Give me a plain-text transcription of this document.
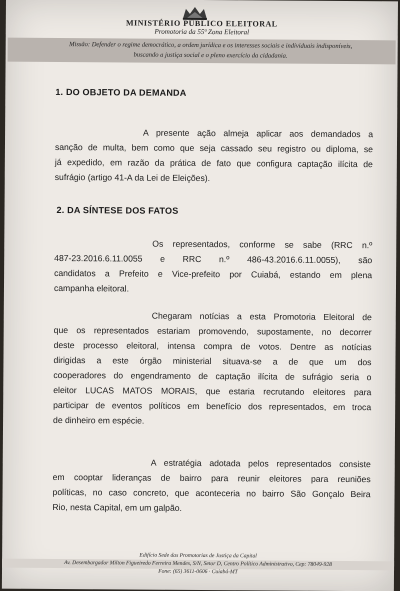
MINISTÉRIO PÚBLICO ELEITORAL
Promotoria da 55ª Zona Eleitoral
Missão: Defender o regime democrático, a ordem jurídica e os interesses sociais e individuais indisponíveis,
buscando a justiça social e o pleno exercício da cidadania.
1. DO OBJETO DA DEMANDA
A presente ação almeja aplicar aos demandados a
sanção de multa, bem como que seja cassado seu registro ou diploma, se
já expedido, em razão da prática de fato que configura captação ilícita de
sufrágio (artigo 41-A da Lei de Eleições).
2. DA SÍNTESE DOS FATOS
Os representados, conforme se sabe (RRC n.º
487-23.2016.6.11.0055 e RRC n.º 486-43.2016.6.11.0055), são
candidatos a Prefeito e Vice-prefeito por Cuiabá, estando em plena
campanha eleitoral.
Chegaram notícias a esta Promotoria Eleitoral de
que os representados estariam promovendo, supostamente, no decorrer
deste processo eleitoral, intensa compra de votos. Dentre as notícias
dirigidas a este órgão ministerial situava-se a de que um dos
cooperadores do engendramento de captação ilícita de sufrágio seria o
eleitor LUCAS MATOS MORAIS, que estaria recrutando eleitores para
participar de eventos políticos em benefício dos representados, em troca
de dinheiro em espécie.
A estratégia adotada pelos representados consiste
em cooptar lideranças de bairro para reunir eleitores para reuniões
políticas, no caso concreto, que aconteceria no bairro São Gonçalo Beira
Rio, nesta Capital, em um galpão.
Edifício Sede das Promotorias de Justiça da Capital
Av. Desembargador Milton Figueiredo Ferreira Mendes, S/N, Setor D, Centro Político Administrativo, Cep: 78049-928
Fone: (65) 3611-0606 · Cuiabá-MT
